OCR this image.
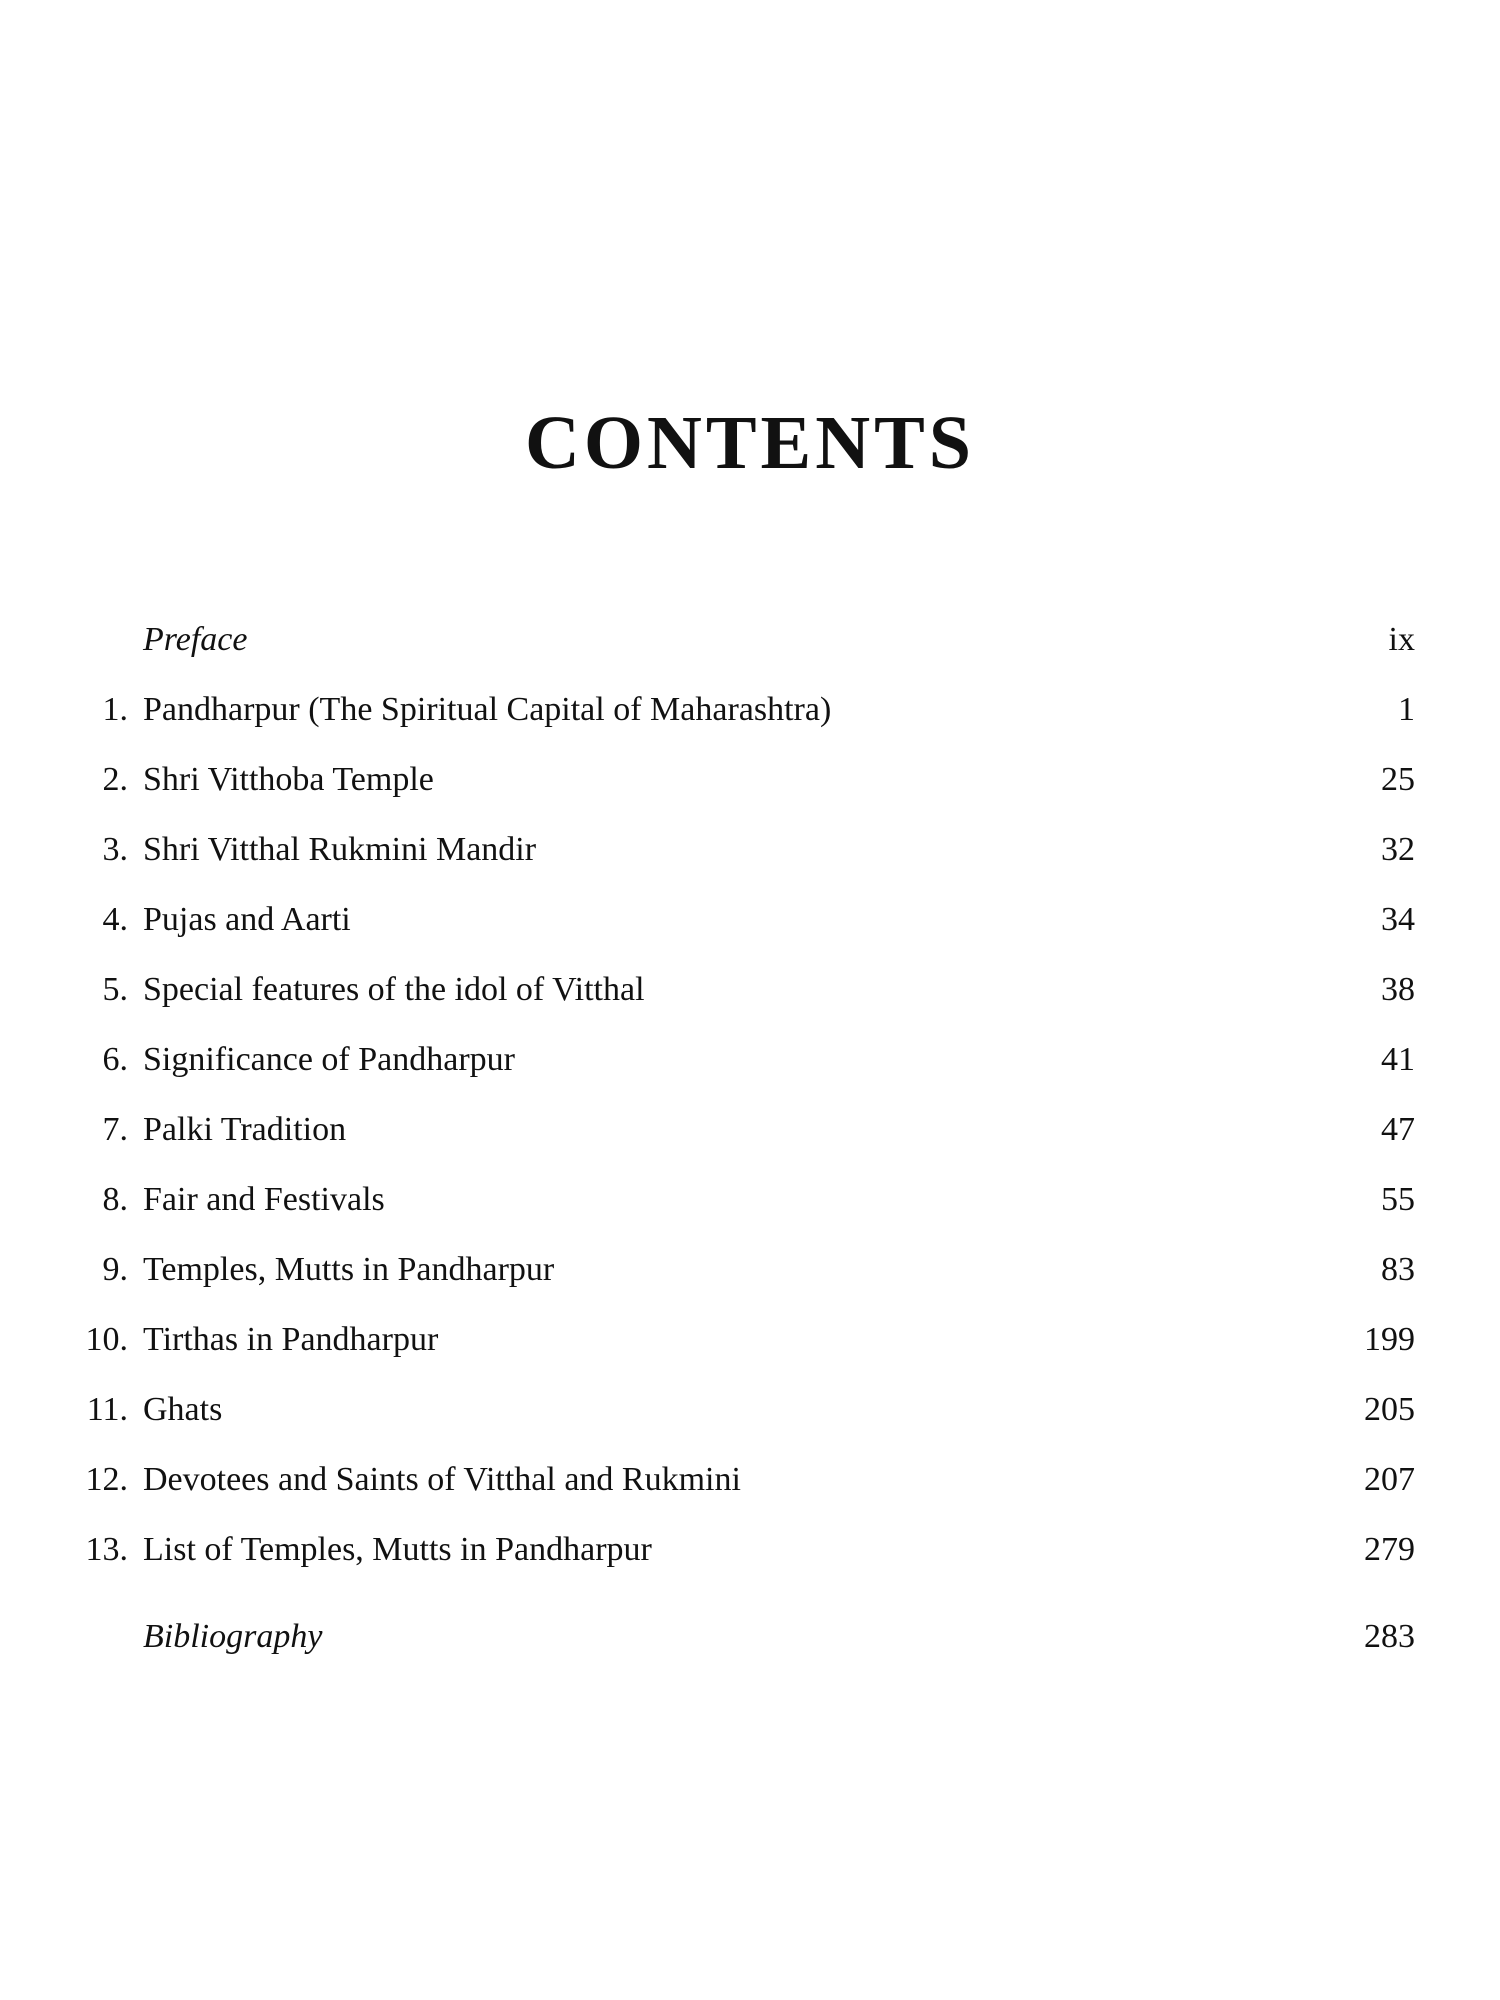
CONTENTS
Preface	ix
1. Pandharpur (The Spiritual Capital of Maharashtra)	1
2. Shri Vitthoba Temple	25
3. Shri Vitthal Rukmini Mandir	32
4. Pujas and Aarti	34
5. Special features of the idol of Vitthal	38
6. Significance of Pandharpur	41
7. Palki Tradition	47
8. Fair and Festivals	55
9. Temples, Mutts in Pandharpur	83
10. Tirthas in Pandharpur	199
11. Ghats	205
12. Devotees and Saints of Vitthal and Rukmini	207
13. List of Temples, Mutts in Pandharpur	279
Bibliography	283
